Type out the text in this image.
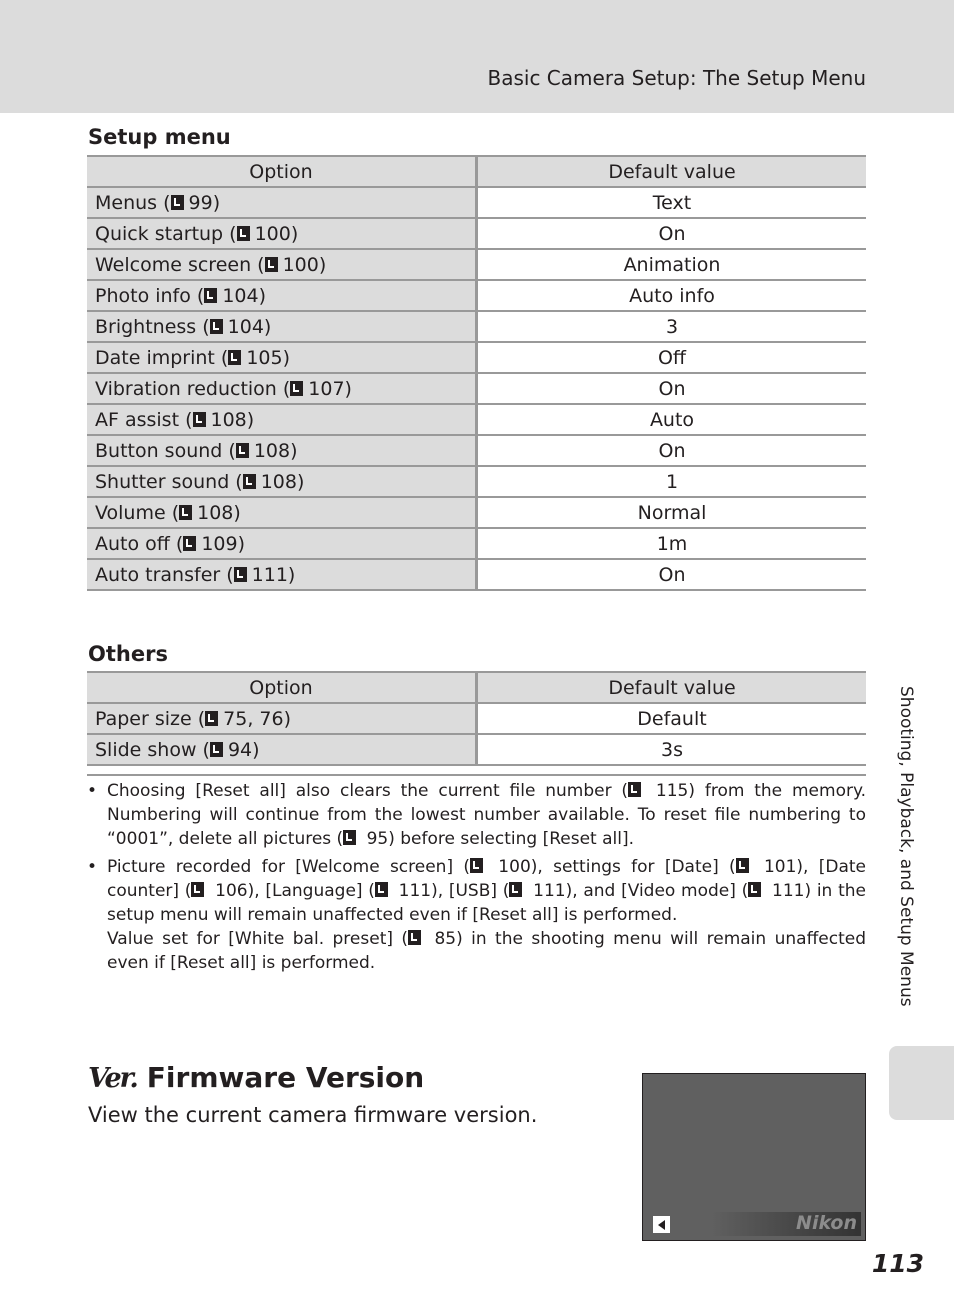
Basic Camera Setup: The Setup Menu
Setup menu
Option	Default value
Menus ( 99)	Text
Quick startup ( 100)	On
Welcome screen ( 100)	Animation
Photo info ( 104)	Auto info
Brightness ( 104)	3
Date imprint ( 105)	Off
Vibration reduction ( 107)	On
AF assist ( 108)	Auto
Button sound ( 108)	On
Shutter sound ( 108)	1
Volume ( 108)	Normal
Auto off ( 109)	1m
Auto transfer ( 111)	On
Others
Option	Default value
Paper size ( 75, 76)	Default
Slide show ( 94)	3s
• Choosing [Reset all] also clears the current file number ( 115) from the memory. Numbering will continue from the lowest number available. To reset file numbering to “0001”, delete all pictures ( 95) before selecting [Reset all].

• Picture recorded for [Welcome screen] ( 100), settings for [Date] ( 101), [Date counter] ( 106), [Language] ( 111), [USB] ( 111), and [Video mode] ( 111) in the setup menu will remain unaffected even if [Reset all] is performed.

Value set for [White bal. preset] ( 85) in the shooting menu will remain unaffected even if [Reset all] is performed.	Shooting, Playback, and Setup Menus
Ver. Firmware Version
View the current camera firmware version.
Nikon
113
